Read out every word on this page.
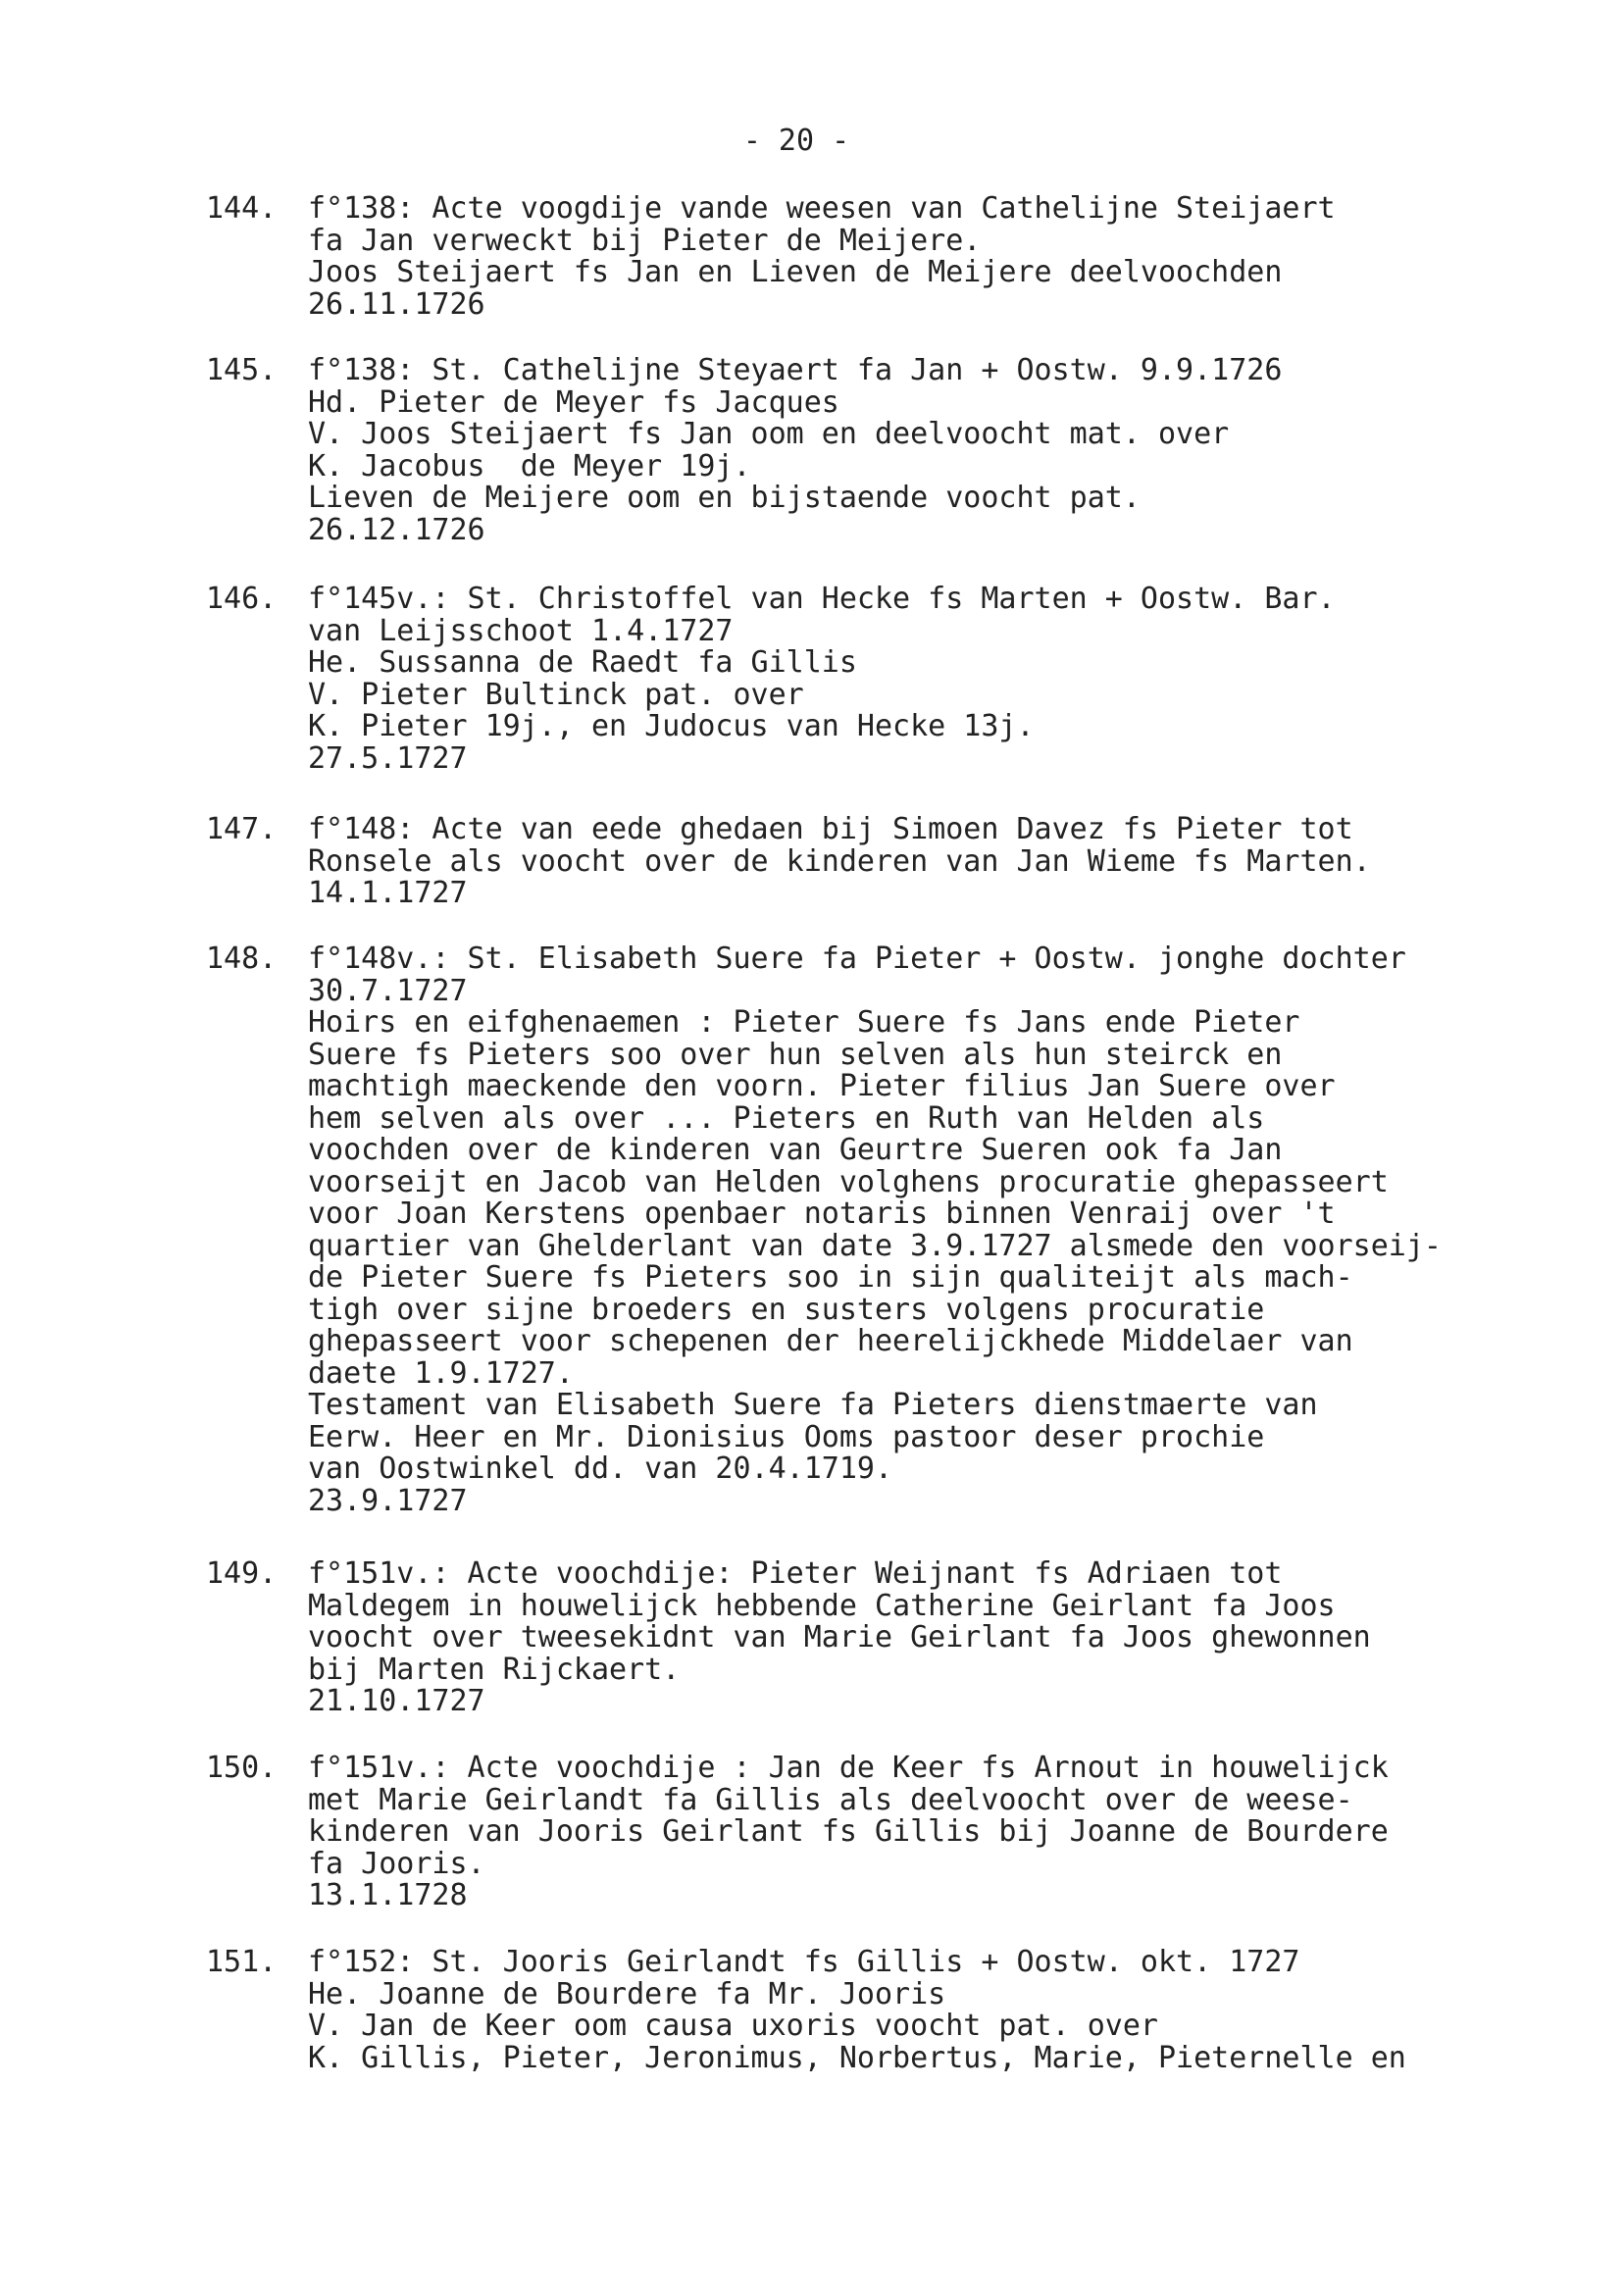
- 20 -
144. f°138: Acte voogdije vande weesen van Cathelijne Steijaert
fa Jan verweckt bij Pieter de Meijere.
Joos Steijaert fs Jan en Lieven de Meijere deelvoochden
26.11.1726
145. f°138: St. Cathelijne Steyaert fa Jan + Oostw. 9.9.1726
Hd. Pieter de Meyer fs Jacques
V. Joos Steijaert fs Jan oom en deelvoocht mat. over
K. Jacobus  de Meyer 19j.
Lieven de Meijere oom en bijstaende voocht pat.
26.12.1726
146. f°145v.: St. Christoffel van Hecke fs Marten + Oostw. Bar.
van Leijsschoot 1.4.1727
He. Sussanna de Raedt fa Gillis
V. Pieter Bultinck pat. over
K. Pieter 19j., en Judocus van Hecke 13j.
27.5.1727
147. f°148: Acte van eede ghedaen bij Simoen Davez fs Pieter tot
Ronsele als voocht over de kinderen van Jan Wieme fs Marten.
14.1.1727
148. f°148v.: St. Elisabeth Suere fa Pieter + Oostw. jonghe dochter
30.7.1727
Hoirs en eifghenaemen : Pieter Suere fs Jans ende Pieter
Suere fs Pieters soo over hun selven als hun steirck en
machtigh maeckende den voorn. Pieter filius Jan Suere over
hem selven als over ... Pieters en Ruth van Helden als
voochden over de kinderen van Geurtre Sueren ook fa Jan
voorseijt en Jacob van Helden volghens procuratie ghepasseert
voor Joan Kerstens openbaer notaris binnen Venraij over 't
quartier van Ghelderlant van date 3.9.1727 alsmede den voorseij-
de Pieter Suere fs Pieters soo in sijn qualiteijt als mach-
tigh over sijne broeders en susters volgens procuratie
ghepasseert voor schepenen der heerelijckhede Middelaer van
daete 1.9.1727.
Testament van Elisabeth Suere fa Pieters dienstmaerte van
Eerw. Heer en Mr. Dionisius Ooms pastoor deser prochie
van Oostwinkel dd. van 20.4.1719.
23.9.1727
149. f°151v.: Acte voochdije: Pieter Weijnant fs Adriaen tot
Maldegem in houwelijck hebbende Catherine Geirlant fa Joos
voocht over tweesekidnt van Marie Geirlant fa Joos ghewonnen
bij Marten Rijckaert.
21.10.1727
150. f°151v.: Acte voochdije : Jan de Keer fs Arnout in houwelijck
met Marie Geirlandt fa Gillis als deelvoocht over de weese-
kinderen van Jooris Geirlant fs Gillis bij Joanne de Bourdere
fa Jooris.
13.1.1728
151. f°152: St. Jooris Geirlandt fs Gillis + Oostw. okt. 1727
He. Joanne de Bourdere fa Mr. Jooris
V. Jan de Keer oom causa uxoris voocht pat. over
K. Gillis, Pieter, Jeronimus, Norbertus, Marie, Pieternelle en
